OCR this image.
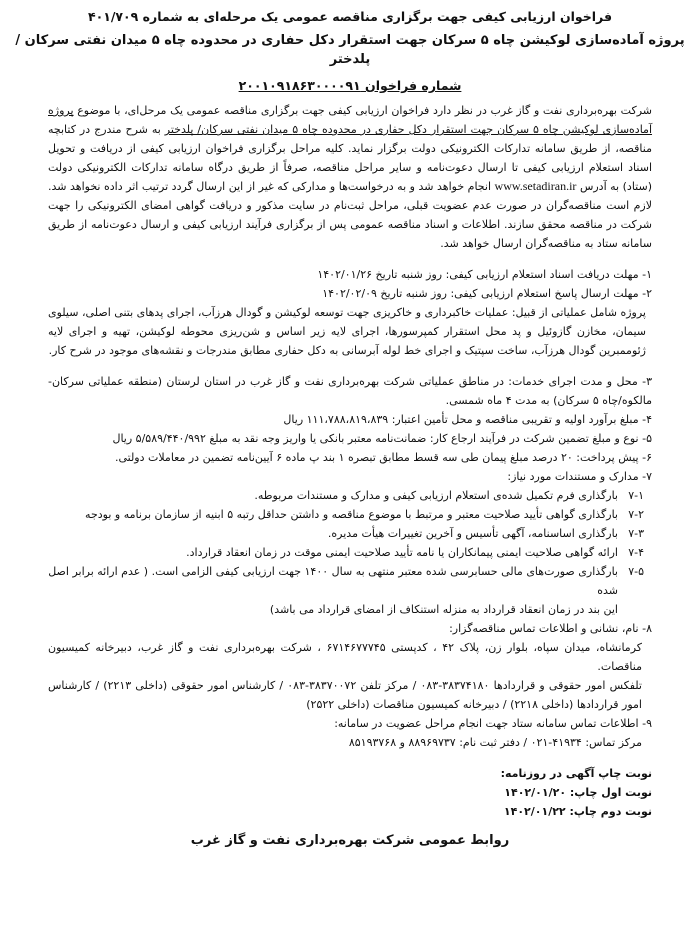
فراخوان ارزیابی کیفی جهت برگزاری مناقصه عمومی یک مرحله‌ای به شماره ۴۰۱/۷۰۹
پروژه آماده‌سازی لوکیشن چاه ۵ سرکان جهت استقرار دکل حفاری در محدوده چاه ۵ میدان نفتی سرکان / پلدختر
شماره فراخوان ۲۰۰۱۰۹۱۸۶۳۰۰۰۰۹۱
شرکت بهره‌برداری نفت و گاز غرب در نظر دارد فراخوان ارزیابی کیفی جهت برگزاری مناقصه عمومی یک مرحل‌ای، با موضوع پروژه آماده‌سازی لوکیشن چاه ۵ سرکان جهت استقرار دکل حفاری در محدوده چاه ۵ میدان نفتی سرکان/ پلدختر به شرح مندرج در کتابچه مناقصه، از طریق سامانه تدارکات الکترونیکی دولت برگزار نماید. کلیه مراحل برگزاری فراخوان ارزیابی کیفی از دریافت و تحویل اسناد استعلام ارزیابی کیفی تا ارسال دعوت‌نامه و سایر مراحل مناقصه، صرفاً از طریق درگاه سامانه تدارکات الکترونیکی دولت (ستاد) به آدرس www.setadiran.ir انجام خواهد شد و به درخواست‌ها و مدارکی که غیر از این ارسال گردد ترتیب اثر داده نخواهد شد. لازم است مناقصه‌گران در صورت عدم عضویت قبلی، مراحل ثبت‌نام در سایت مذکور و دریافت گواهی امضای الکترونیکی را جهت شرکت در مناقصه محقق سازند. اطلاعات و اسناد مناقصه عمومی پس از برگزاری فرآیند ارزیابی کیفی و ارسال دعوت‌نامه از طریق سامانه ستاد به مناقصه‌گران ارسال خواهد شد.
۱- مهلت دریافت اسناد استعلام ارزیابی کیفی: روز شنبه تاریخ ۱۴۰۲/۰۱/۲۶
۲- مهلت ارسال پاسخ استعلام ارزیابی کیفی: روز شنبه تاریخ ۱۴۰۲/۰۲/۰۹
پروژه شامل عملیاتی از قبیل: عملیات خاکبرداری و خاکریزی جهت توسعه لوکیشن و گودال هرزآب، اجرای پدهای بتنی اصلی، سیلوی سیمان، مخازن گازوئیل و پد محل استقرار کمپرسورها، اجرای لایه زیر اساس و شن‌ریزی محوطه لوکیشن، تهیه و اجرای لایه ژئوممبرین گودال هرزآب، ساخت سپتیک و اجرای خط لوله آبرسانی به دکل حفاری مطابق مندرجات و نقشه‌های موجود در شرح کار.
۳- محل و مدت اجرای خدمات: در مناطق عملیاتی شرکت بهره‌برداری نفت و گاز غرب در استان لرستان (منطقه عملیاتی سرکان- مالکوه/چاه ۵ سرکان) به مدت ۴ ماه شمسی.
۴- مبلغ برآورد اولیه و تقریبی مناقصه و محل تأمین اعتبار: ۱۱۱،۷۸۸،۸۱۹،۸۳۹ ریال
۵- نوع و مبلغ تضمین شرکت در فرآیند ارجاع کار: ضمانت‌نامه معتبر بانکی یا واریز وجه نقد به مبلغ ۵/۵۸۹/۴۴۰/۹۹۲ ریال
۶- پیش پرداخت: ۲۰ درصد مبلغ پیمان طی سه قسط مطابق تبصره ۱ بند پ ماده ۶ آیین‌نامه تضمین در معاملات دولتی.
۷- مدارک و مستندات مورد نیاز:
۷-۱
بارگذاری فرم تکمیل شده‌ی استعلام ارزیابی کیفی و مدارک و مستندات مربوطه.
۷-۲
بارگذاری گواهی تأیید صلاحیت معتبر و مرتبط با موضوع مناقصه و داشتن حداقل رتبه ۵ ابنیه از سازمان برنامه و بودجه
۷-۳
بارگذاری اساسنامه، آگهی تأسیس و آخرین تغییرات هیأت مدیره.
۷-۴
ارائه گواهی صلاحیت ایمنی پیمانکاران یا نامه تأیید صلاحیت ایمنی موقت در زمان انعقاد قرارداد.
۷-۵
بارگذاری صورت‌های مالی حسابرسی شده معتبر منتهی به سال ۱۴۰۰ جهت ارزیابی کیفی الزامی است. ( عدم ارائه برابر اصل شده
این بند در زمان انعقاد قرارداد به منزله استنکاف از امضای قرارداد می باشد)
۸- نام، نشانی و اطلاعات تماس مناقصه‌گزار:
کرمانشاه، میدان سپاه، بلوار زن، پلاک ۴۲ ، کدپستی ۶۷۱۴۶۷۷۷۴۵ ، شرکت بهره‌برداری نفت و گاز غرب، دبیرخانه کمیسیون مناقصات.
تلفکس امور حقوقی و قراردادها ۳۸۳۷۴۱۸۰-۰۸۳ / مرکز تلفن ۳۸۳۷۰۰۷۲-۰۸۳ / کارشناس امور حقوقی (داخلی ۲۲۱۳) / کارشناس امور قراردادها (داخلی ۲۲۱۸) / دبیرخانه کمیسیون مناقصات (داخلی ۲۵۲۲)
۹- اطلاعات تماس سامانه ستاد جهت انجام مراحل عضویت در سامانه:
مرکز تماس: ۴۱۹۳۴-۰۲۱ / دفتر ثبت نام: ۸۸۹۶۹۷۳۷ و ۸۵۱۹۳۷۶۸
نوبت چاپ آگهی در روزنامه:
نوبت اول چاپ: ۱۴۰۲/۰۱/۲۰
نوبت دوم چاپ: ۱۴۰۲/۰۱/۲۲
روابط عمومی شرکت بهره‌برداری نفت و گاز غرب
